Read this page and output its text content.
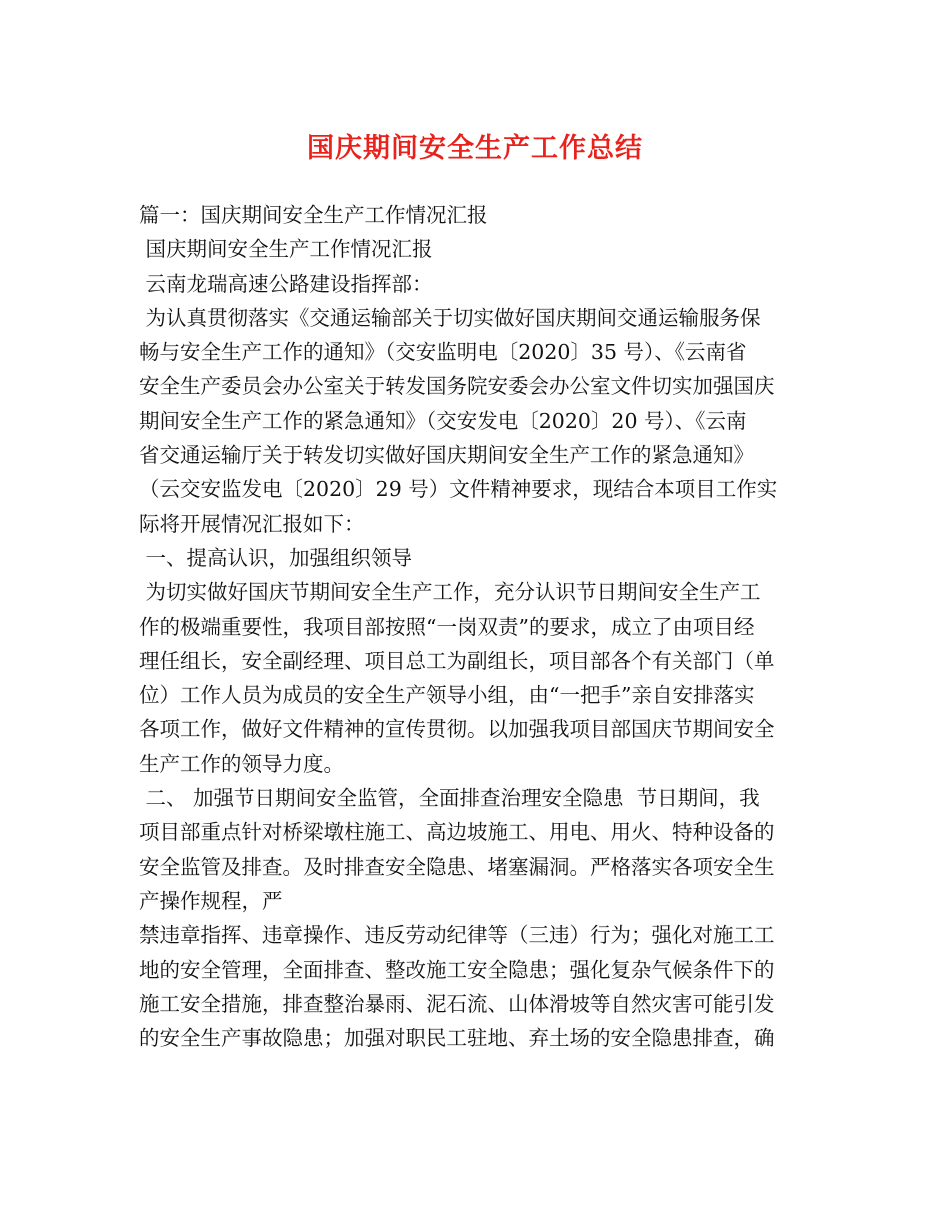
国庆期间安全生产工作总结
篇一：国庆期间安全生产工作情况汇报
国庆期间安全生产工作情况汇报
云南龙瑞高速公路建设指挥部：
为认真贯彻落实《交通运输部关于切实做好国庆期间交通运输服务保
畅与安全生产工作的通知》（交安监明电〔2020〕35 号）、《云南省
安全生产委员会办公室关于转发国务院安委会办公室文件切实加强国庆
期间安全生产工作的紧急通知》（交安发电〔2020〕20 号）、《云南
省交通运输厅关于转发切实做好国庆期间安全生产工作的紧急通知》
（云交安监发电〔2020〕29 号）文件精神要求，现结合本项目工作实
际将开展情况汇报如下：
一、提高认识，加强组织领导
为切实做好国庆节期间安全生产工作，充分认识节日期间安全生产工
作的极端重要性，我项目部按照“一岗双责”的要求，成立了由项目经
理任组长，安全副经理、项目总工为副组长，项目部各个有关部门（单
位）工作人员为成员的安全生产领导小组，由“一把手”亲自安排落实
各项工作，做好文件精神的宣传贯彻。以加强我项目部国庆节期间安全
生产工作的领导力度。
二、 加强节日期间安全监管，全面排查治理安全隐患  节日期间，我
项目部重点针对桥梁墩柱施工、高边坡施工、用电、用火、特种设备的
安全监管及排查。及时排查安全隐患、堵塞漏洞。严格落实各项安全生
产操作规程，严
禁违章指挥、违章操作、违反劳动纪律等（三违）行为；强化对施工工
地的安全管理，全面排查、整改施工安全隐患；强化复杂气候条件下的
施工安全措施，排查整治暴雨、泥石流、山体滑坡等自然灾害可能引发
的安全生产事故隐患；加强对职民工驻地、弃土场的安全隐患排查，确
